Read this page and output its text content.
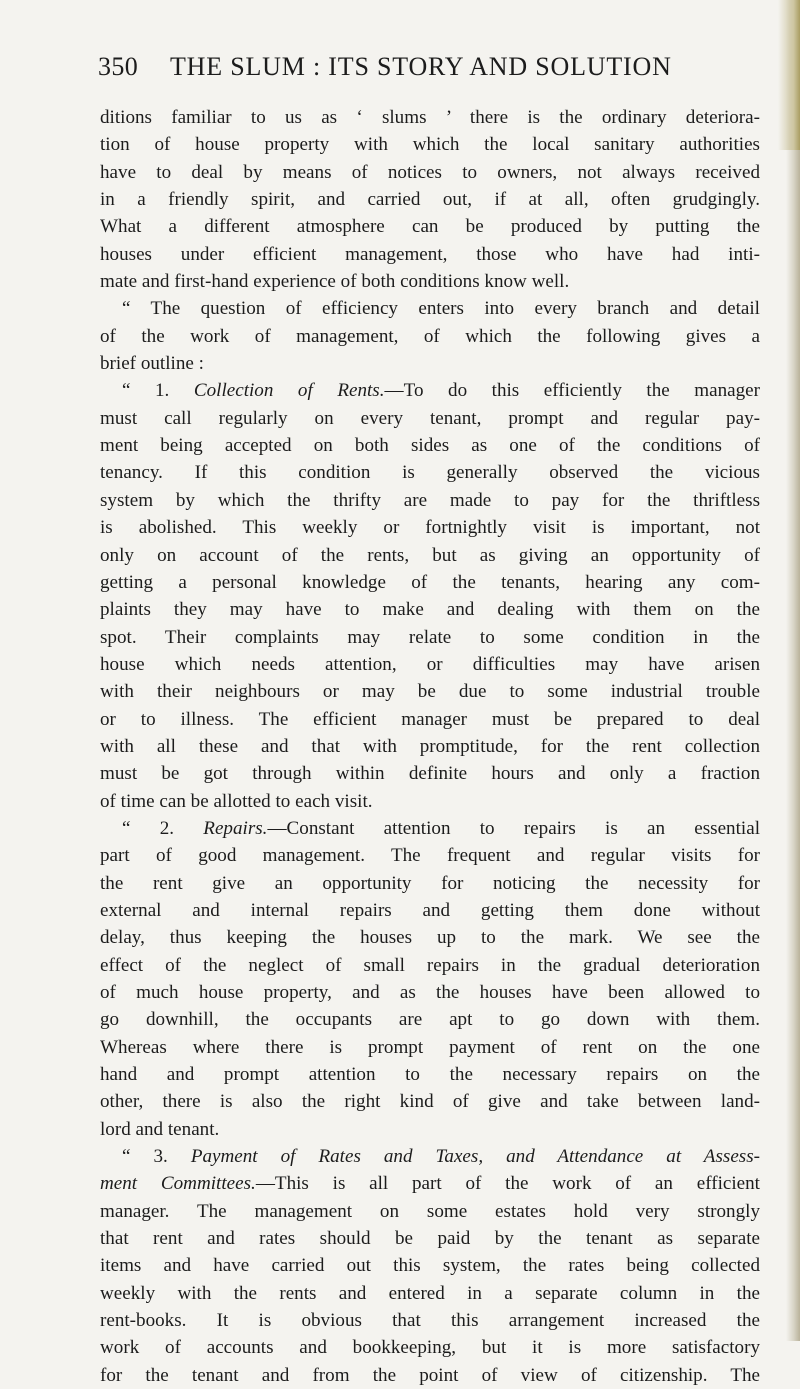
350	THE SLUM : ITS STORY AND SOLUTION
ditions familiar to us as ‘ slums ’ there is the ordinary deteriora-
tion of house property with which the local sanitary authorities
have to deal by means of notices to owners, not always received
in a friendly spirit, and carried out, if at all, often grudgingly.
What a different atmosphere can be produced by putting the
houses under efficient management, those who have had inti-
mate and first-hand experience of both conditions know well.
“ The question of efficiency enters into every branch and detail
of the work of management, of which the following gives a
brief outline :
“ 1. Collection of Rents.—To do this efficiently the manager
must call regularly on every tenant, prompt and regular pay-
ment being accepted on both sides as one of the conditions of
tenancy. If this condition is generally observed the vicious
system by which the thrifty are made to pay for the thriftless
is abolished. This weekly or fortnightly visit is important, not
only on account of the rents, but as giving an opportunity of
getting a personal knowledge of the tenants, hearing any com-
plaints they may have to make and dealing with them on the
spot. Their complaints may relate to some condition in the
house which needs attention, or difficulties may have arisen
with their neighbours or may be due to some industrial trouble
or to illness. The efficient manager must be prepared to deal
with all these and that with promptitude, for the rent collection
must be got through within definite hours and only a fraction
of time can be allotted to each visit.
“ 2. Repairs.—Constant attention to repairs is an essential
part of good management. The frequent and regular visits for
the rent give an opportunity for noticing the necessity for
external and internal repairs and getting them done without
delay, thus keeping the houses up to the mark. We see the
effect of the neglect of small repairs in the gradual deterioration
of much house property, and as the houses have been allowed to
go downhill, the occupants are apt to go down with them.
Whereas where there is prompt payment of rent on the one
hand and prompt attention to the necessary repairs on the
other, there is also the right kind of give and take between land-
lord and tenant.
“ 3. Payment of Rates and Taxes, and Attendance at Assess-
ment Committees.—This is all part of the work of an efficient
manager. The management on some estates hold very strongly
that rent and rates should be paid by the tenant as separate
items and have carried out this system, the rates being collected
weekly with the rents and entered in a separate column in the
rent-books. It is obvious that this arrangement increased the
work of accounts and bookkeeping, but it is more satisfactory
for the tenant and from the point of view of citizenship. The
